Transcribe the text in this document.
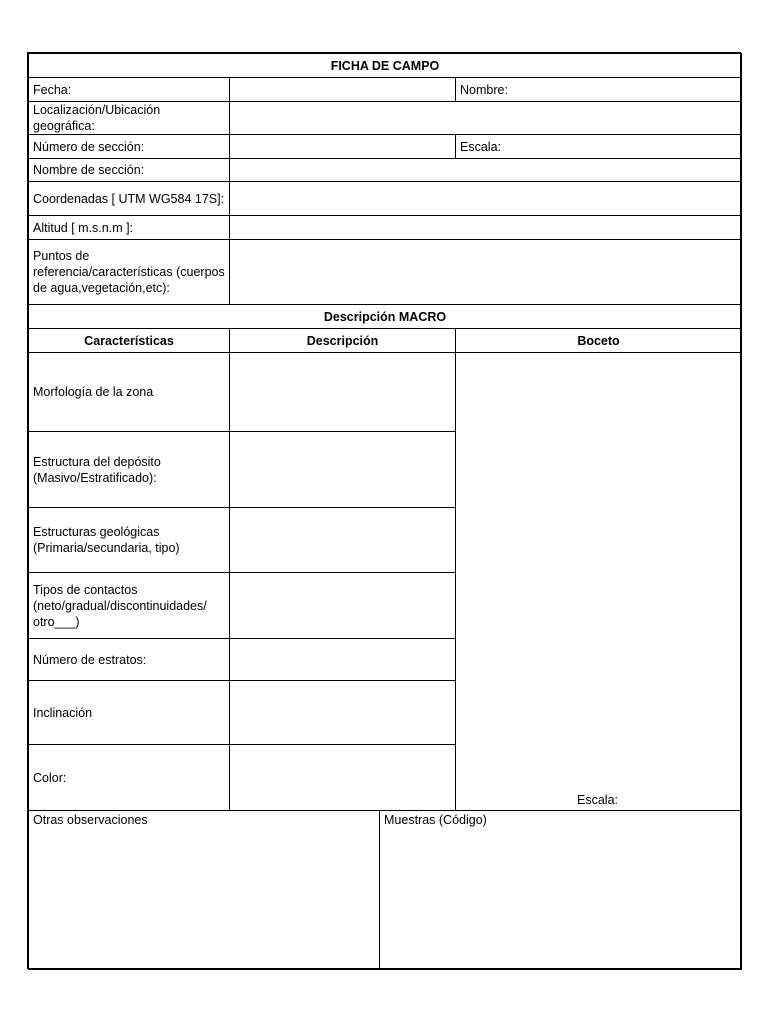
FICHA DE CAMPO
Fecha:	Nombre:
Localización/Ubicación geográfica:
Número de sección:	Escala:
Nombre de sección:
Coordenadas [ UTM WG584 17S]:
Altitud [ m.s.n.m ]:
Puntos de referencia/características (cuerpos de agua,vegetación,etc):
Descripción MACRO
Características	Descripción	Boceto
Morfología de la zona
Estructura del depósito (Masivo/Estratificado):
Estructuras geológicas (Primaria/secundaria, tipo)
Tipos de contactos (neto/gradual/discontinuidades/ otro___)
Número de estratos:
Inclinación
Color:
Escala:
Otras observaciones	Muestras (Código)
